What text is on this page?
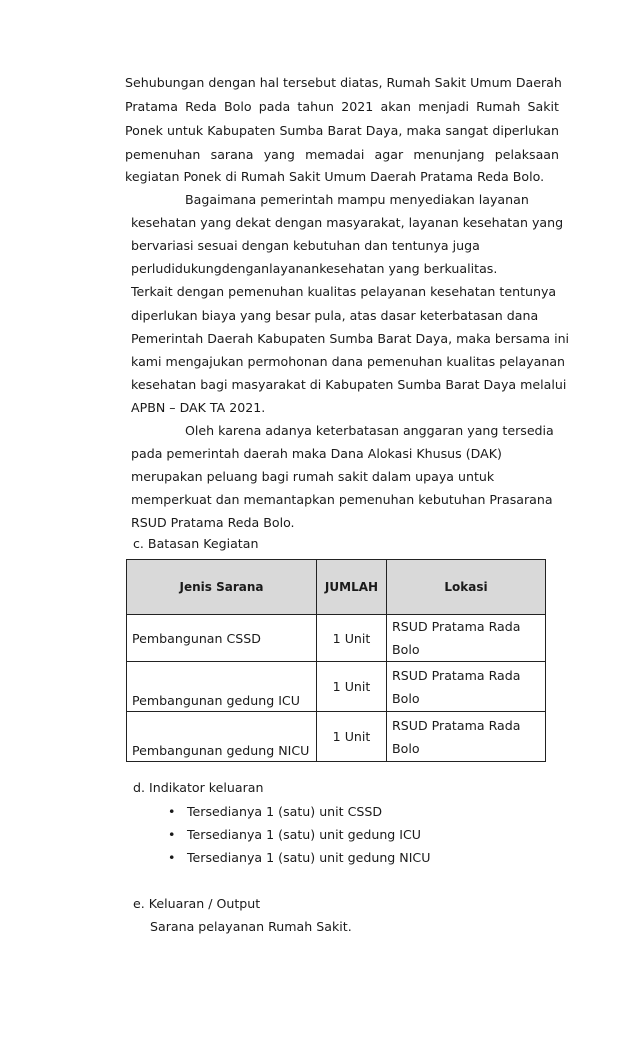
Sehubungan dengan hal tersebut diatas, Rumah Sakit Umum Daerah

Pratama Reda Bolo pada tahun 2021 akan menjadi Rumah Sakit

Ponek untuk Kabupaten Sumba Barat Daya, maka sangat diperlukan

pemenuhan sarana yang memadai agar menunjang pelaksaan

kegiatan Ponek di Rumah Sakit Umum Daerah Pratama Reda Bolo.

Bagaimana pemerintah mampu menyediakan layanan

kesehatan yang dekat dengan masyarakat, layanan kesehatan yang

bervariasi sesuai dengan kebutuhan dan tentunya juga

perludidukungdenganlayanankesehatan yang berkualitas.

Terkait dengan pemenuhan kualitas pelayanan kesehatan tentunya

diperlukan biaya yang besar pula, atas dasar keterbatasan dana

Pemerintah Daerah Kabupaten Sumba Barat Daya, maka bersama ini

kami mengajukan permohonan dana pemenuhan kualitas pelayanan

kesehatan bagi masyarakat di Kabupaten Sumba Barat Daya melalui

APBN – DAK TA 2021.

Oleh karena adanya keterbatasan anggaran yang tersedia

pada pemerintah daerah maka Dana Alokasi Khusus (DAK)

merupakan peluang bagi rumah sakit dalam upaya untuk

memperkuat dan memantapkan pemenuhan kebutuhan Prasarana

RSUD Pratama Reda Bolo.

c. Batasan Kegiatan
Jenis Sarana	JUMLAH	Lokasi
Pembangunan CSSD	1 Unit	RSUD Pratama Rada
Bolo

Pembangunan gedung ICU	1 Unit	RSUD Pratama Rada
Bolo

Pembangunan gedung NICU	1 Unit	RSUD Pratama Rada
Bolo
d. Indikator keluaran
• Tersedianya 1 (satu) unit CSSD
• Tersedianya 1 (satu) unit gedung ICU
• Tersedianya 1 (satu) unit gedung NICU
e. Keluaran / Output
Sarana pelayanan Rumah Sakit.
